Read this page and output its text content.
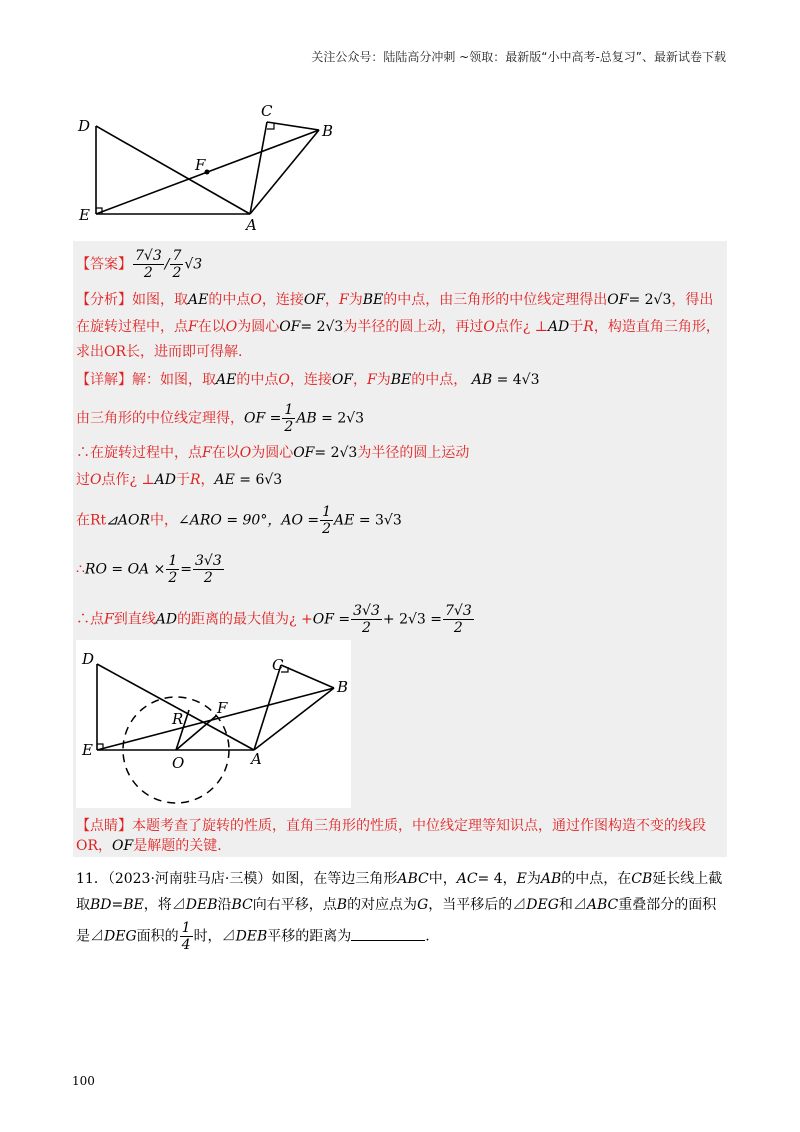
关注公众号：陆陆高分冲刺 ~领取：最新版“小中高考-总复习”、最新试卷下载
D
C
B
F
E
A
【答案】 $\frac{7√3}{2} / \frac{7}{2} √3$
【分析】如图，取AE的中点O，连接OF，F为BE的中点，由三角形的中位线定理得出OF= 2√3，得出
在旋转过程中，点F在以O为圆心OF= 2√3为半径的圆上动，再过O点作¿ ⊥AD于R，构造直角三角形，
求出OR长，进而即可得解.
【详解】解：如图，取AE的中点O，连接OF，F为BE的中点， AB = 4√3
由三角形的中位线定理得，OF = $\frac{1}{2}$ AB = 2√3
∴在旋转过程中，点F在以O为圆心OF= 2√3为半径的圆上运动
过O点作¿ ⊥AD于R，AE = 6√3
在Rt⊿AOR中，∠ARO = 90°，AO = $\frac{1}{2}$ AE = 3√3
∴RO = OA × $\frac{1}{2} = \frac{3√3}{2}$
∴点F到直线AD的距离的最大值为¿ $+OF = \frac{3√3}{2} + 2√3 = \frac{7√3}{2}$
D	C
B
F
R
E
O	A
【点睛】本题考查了旋转的性质，直角三角形的性质，中位线定理等知识点，通过作图构造不变的线段
OR，OF是解题的关键.
11．（2023·河南驻马店·三模）如图，在等边三角形ABC中，AC= 4，E为AB的中点，在CB延长线上截
取BD=BE，将⊿DEB沿BC向右平移，点B的对应点为G，当平移后的⊿DEG和⊿ABC重叠部分的面积
是⊿DEG面积的 $\frac{1}{4}$ 时，⊿DEB平移的距离为	.
100
